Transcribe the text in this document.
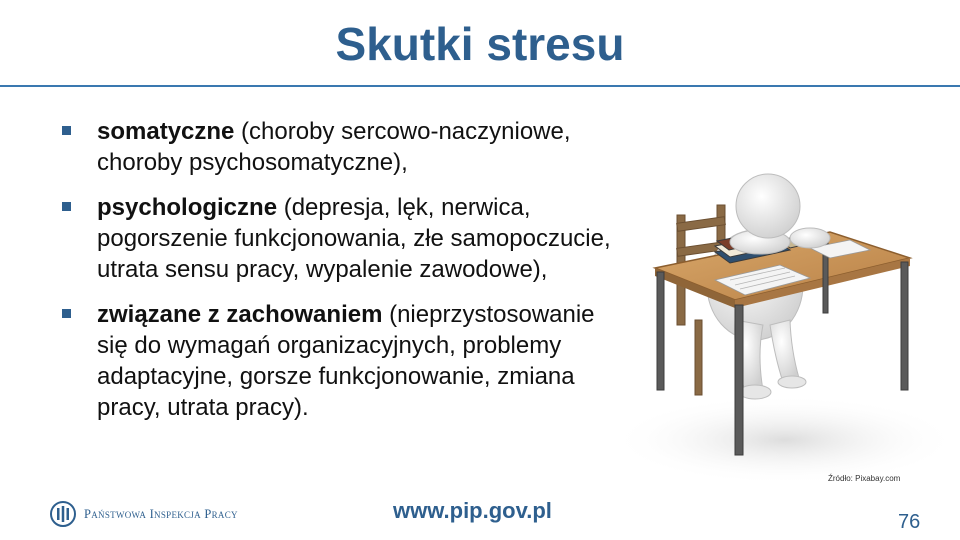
Skutki stresu
somatyczne (choroby sercowo-naczyniowe, choroby psychosomatyczne),
psychologiczne (depresja, lęk, nerwica, pogorszenie funkcjonowania, złe samopoczucie, utrata sensu pracy, wypalenie zawodowe),
związane z zachowaniem (nieprzystosowanie się do wymagań organizacyjnych, problemy adaptacyjne, gorsze funkcjonowanie, zmiana pracy, utrata pracy).
Źródło: Pixabay.com
Państwowa Inspekcja Pracy	www.pip.gov.pl	76
